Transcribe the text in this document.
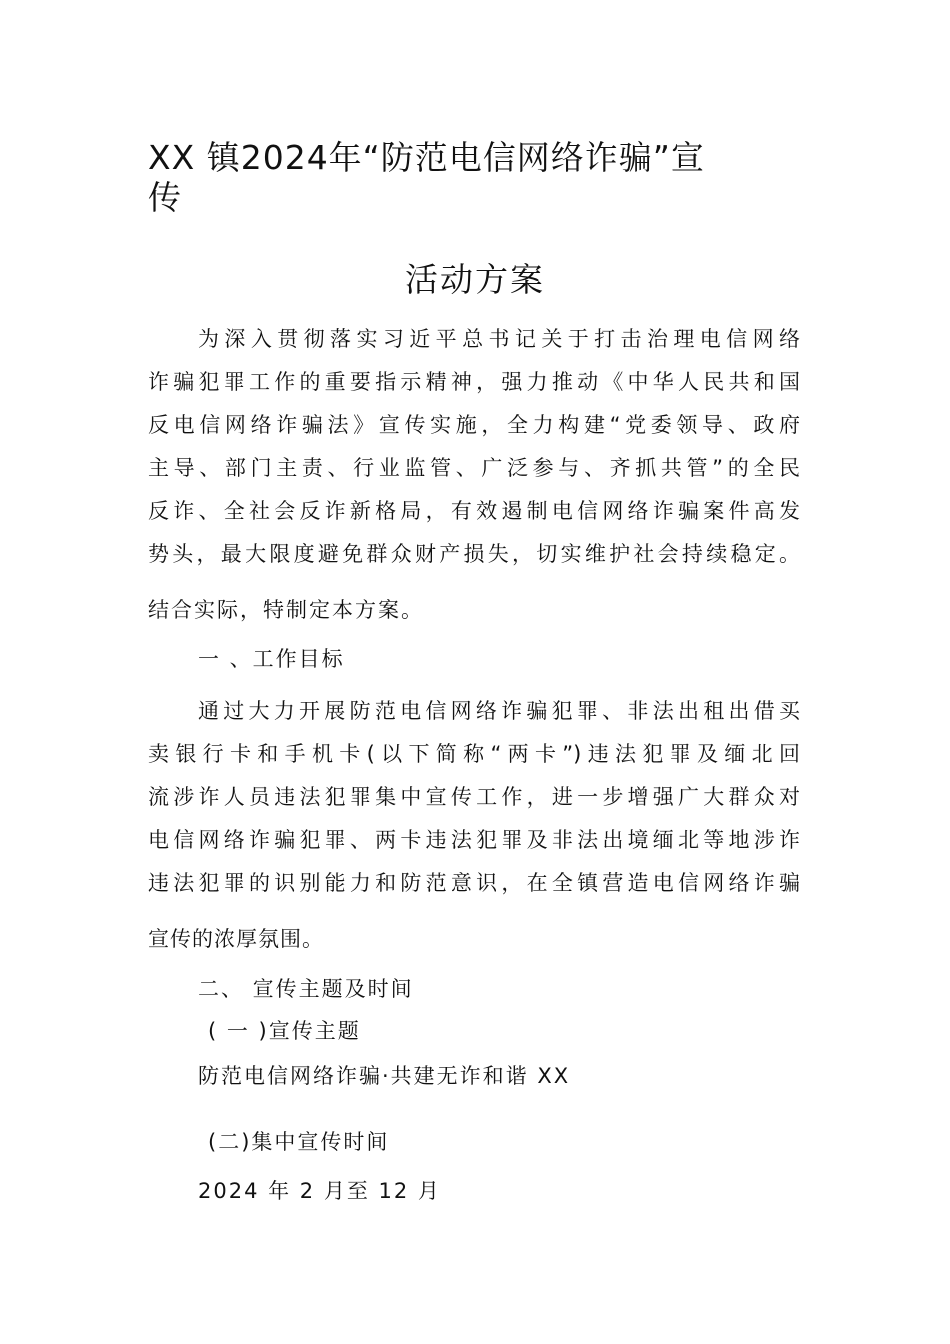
XX 镇2024年“防范电信网络诈骗”宣
传
活动方案

为深入贯彻落实习近平总书记关于打击治理电信网络

诈骗犯罪工作的重要指示精神，强力推动《中华人民共和国

反电信网络诈骗法》宣传实施，全力构建“党委领导、政府

主导、部门主责、行业监管、广泛参与、齐抓共管”的全民

反诈、全社会反诈新格局，有效遏制电信网络诈骗案件高发

势头，最大限度避免群众财产损失，切实维护社会持续稳定。

结合实际，特制定本方案。

一 、工作目标

通过大力开展防范电信网络诈骗犯罪、非法出租出借买

卖银行卡和手机卡(以下简称“两卡”)违法犯罪及缅北回

流涉诈人员违法犯罪集中宣传工作，进一步增强广大群众对

电信网络诈骗犯罪、两卡违法犯罪及非法出境缅北等地涉诈

违法犯罪的识别能力和防范意识，在全镇营造电信网络诈骗

宣传的浓厚氛围。

二、 宣传主题及时间

( 一 )宣传主题

防范电信网络诈骗·共建无诈和谐 XX

(二)集中宣传时间

2024 年 2 月至 12 月
